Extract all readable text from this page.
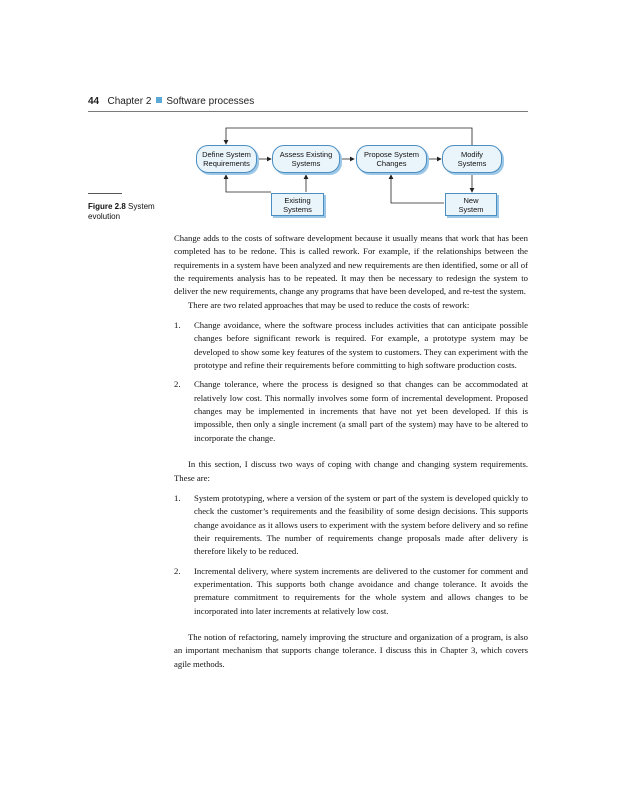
44 Chapter 2 Software processes
Define System
Requirements
Assess Existing
Systems
Propose System
Changes
Modify
Systems
Existing
Systems
New
System
Figure 2.8 System evolution

Change adds to the costs of software development because it usually means that work that has been completed has to be redone. This is called rework. For example, if the relationships between the requirements in a system have been analyzed and new requirements are then identified, some or all of the requirements analysis has to be repeated. It may then be necessary to redesign the system to deliver the new requirements, change any programs that have been developed, and re-test the system.

There are two related approaches that may be used to reduce the costs of rework:

1. Change avoidance, where the software process includes activities that can anticipate possible changes before significant rework is required. For example, a prototype system may be developed to show some key features of the system to customers. They can experiment with the prototype and refine their requirements before committing to high software production costs.
2. Change tolerance, where the process is designed so that changes can be accommodated at relatively low cost. This normally involves some form of incremental development. Proposed changes may be implemented in increments that have not yet been developed. If this is impossible, then only a single increment (a small part of the system) may have to be altered to incorporate the change.

In this section, I discuss two ways of coping with change and changing system requirements. These are:

1. System prototyping, where a version of the system or part of the system is developed quickly to check the customer’s requirements and the feasibility of some design decisions. This supports change avoidance as it allows users to experiment with the system before delivery and so refine their requirements. The number of requirements change proposals made after delivery is therefore likely to be reduced.
2. Incremental delivery, where system increments are delivered to the customer for comment and experimentation. This supports both change avoidance and change tolerance. It avoids the premature commitment to requirements for the whole system and allows changes to be incorporated into later increments at relatively low cost.

The notion of refactoring, namely improving the structure and organization of a program, is also an important mechanism that supports change tolerance. I discuss this in Chapter 3, which covers agile methods.
